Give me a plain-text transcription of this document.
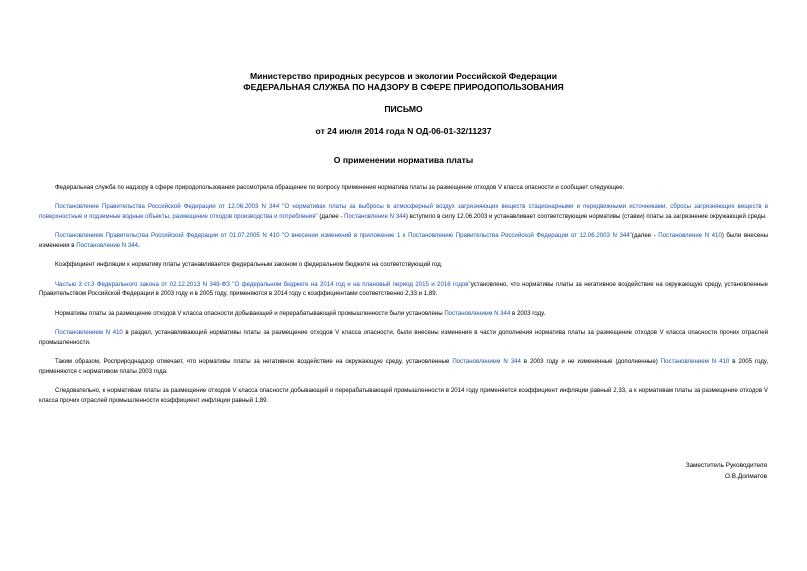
Министерство природных ресурсов и экологии Российской Федерации
ФЕДЕРАЛЬНАЯ СЛУЖБА ПО НАДЗОРУ В СФЕРЕ ПРИРОДОПОЛЬЗОВАНИЯ
ПИСЬМО
от 24 июля 2014 года N ОД-06-01-32/11237
О применении норматива платы

Федеральная служба по надзору в сфере природопользования рассмотрела обращение по вопросу применения норматива платы за размещение отходов V класса опасности и сообщает следующее.

Постановление Правительства Российской Федерации от 12.06.2003 N 344 "О нормативах платы за выбросы в атмосферный воздух загрязняющих веществ стационарными и передвижными источниками, сбросы загрязняющих веществ в поверхностные и подземные водные объекты, размещение отходов производства и потребления" (далее - Постановление N 344) вступило в силу 12.06.2003 и устанавливает соответствующие нормативы (ставки) платы за загрязнение окружающей среды.

Постановлением Правительства Российской Федерации от 01.07.2005 N 410 "О внесении изменений в приложение 1 к Постановлению Правительства Российской Федерации от 12.06.2003 N 344"(далее - Постановление N 410) были внесены изменения в Постановление N 344.

Коэффициент инфляции к нормативу платы устанавливается федеральным законом о федеральном бюджете на соответствующий год.

Частью 3 ст.3 Федерального закона от 02.12.2013 N 349-ФЗ "О федеральном бюджете на 2014 год и на плановый период 2015 и 2016 годов"установлено, что нормативы платы за негативное воздействие на окружающую среду, установленные Правительством Российской Федерации в 2003 году и в 2005 году, применяются в 2014 году с коэффициентами соответственно 2,33 и 1,89.

Нормативы платы за размещение отходов V класса опасности добывающей и перерабатывающей промышленности были установлены Постановлением N 344 в 2003 году.

Постановлением N 410 в раздел, устанавливающий нормативы платы за размещение отходов V класса опасности, были внесены изменения в части дополнения норматива платы за размещение отходов V класса опасности прочих отраслей промышленности.

Таким образом, Росприроднадзор отмечает, что нормативы платы за негативное воздействие на окружающую среду, установленные Постановлением N 344 в 2003 году и не измененные (дополненные) Постановлением N 410 в 2005 году, применяются с нормативом платы 2003 года.

Следовательно, к нормативам платы за размещение отходов V класса опасности добывающей и перерабатывающей промышленности в 2014 году применяется коэффициент инфляции равный 2,33, а к нормативам платы за размещение отходов V класса прочих отраслей промышленности коэффициент инфляции равный 1,89.

Заместитель Руководителя
О.В.Долматов
